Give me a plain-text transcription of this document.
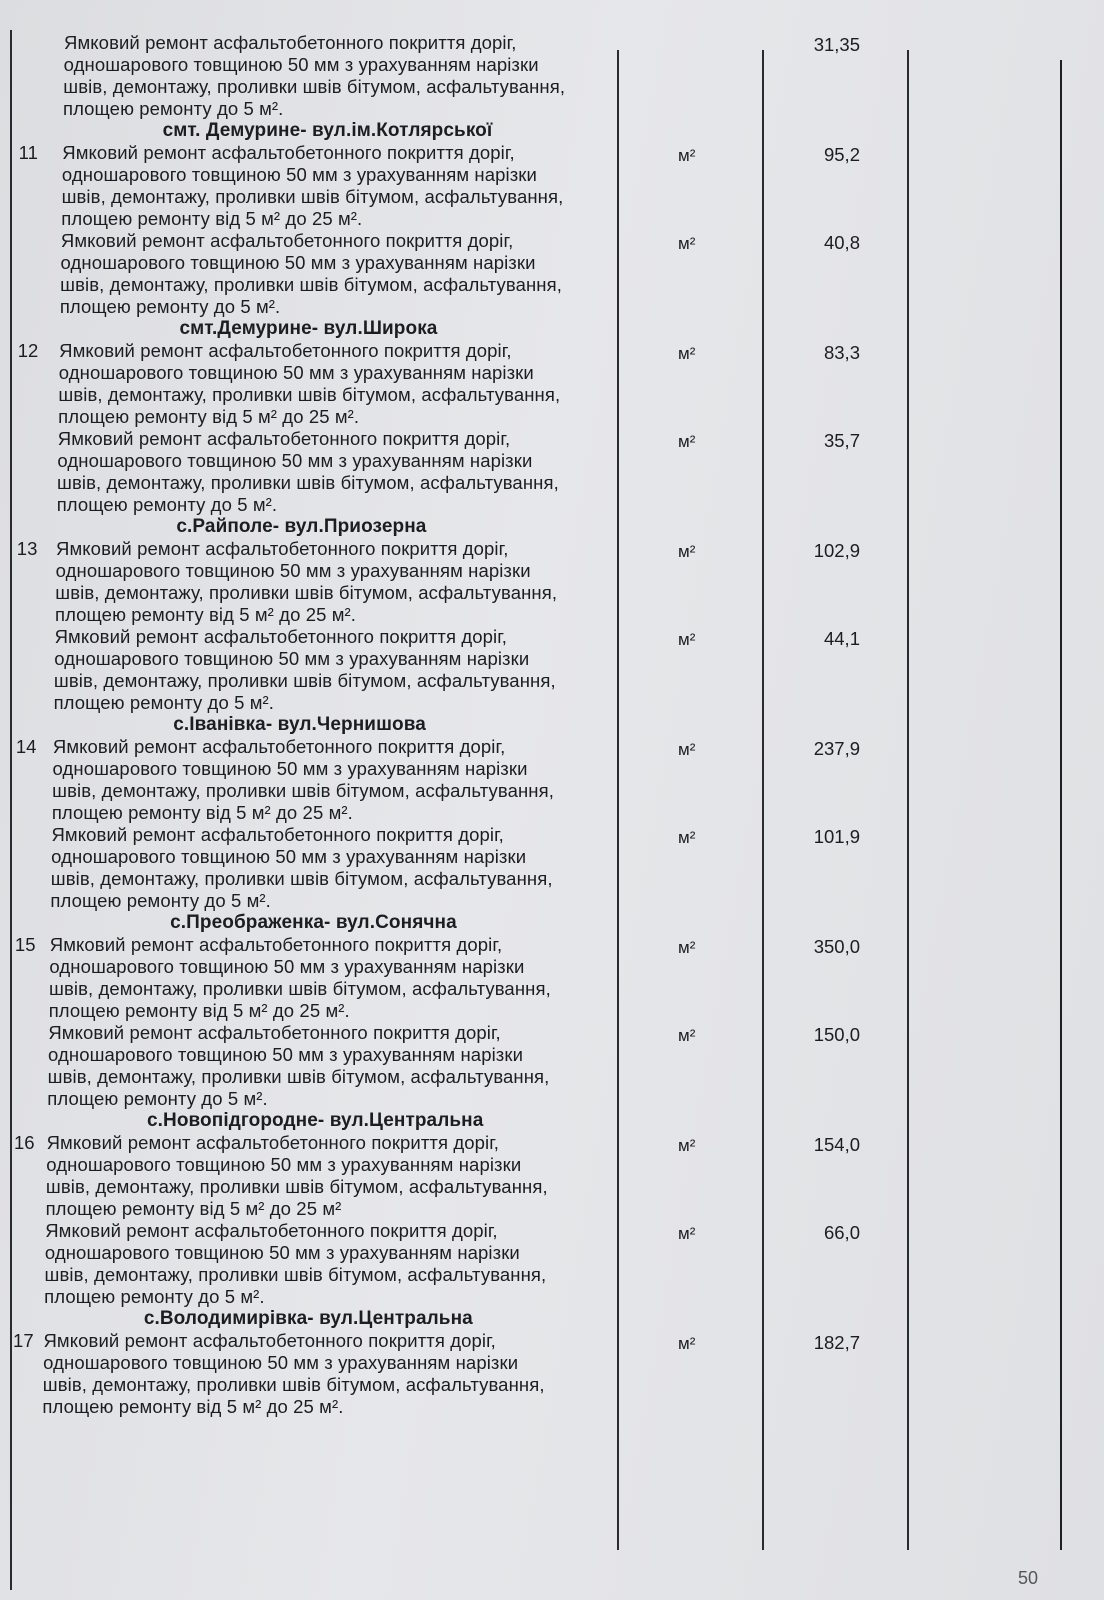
Ямковий ремонт асфальтобетонного покриття доріг,
одношарового товщиною 50 мм з урахуванням нарізки
швів, демонтажу, проливки швів бітумом, асфальтування,
площею ремонту до 5 м².
31,35
смт. Демурине- вул.ім.Котлярської
11 Ямковий ремонт асфальтобетонного покриття доріг,
одношарового товщиною 50 мм з урахуванням нарізки
швів, демонтажу, проливки швів бітумом, асфальтування,
площею ремонту від 5 м² до 25 м².
м²	95,2
Ямковий ремонт асфальтобетонного покриття доріг,
одношарового товщиною 50 мм з урахуванням нарізки
швів, демонтажу, проливки швів бітумом, асфальтування,
площею ремонту до 5 м².
м²	40,8
смт.Демурине- вул.Широка
12 Ямковий ремонт асфальтобетонного покриття доріг,
одношарового товщиною 50 мм з урахуванням нарізки
швів, демонтажу, проливки швів бітумом, асфальтування,
площею ремонту від 5 м² до 25 м².
м²	83,3
Ямковий ремонт асфальтобетонного покриття доріг,
одношарового товщиною 50 мм з урахуванням нарізки
швів, демонтажу, проливки швів бітумом, асфальтування,
площею ремонту до 5 м².
м²	35,7
с.Райполе- вул.Приозерна
13 Ямковий ремонт асфальтобетонного покриття доріг,
одношарового товщиною 50 мм з урахуванням нарізки
швів, демонтажу, проливки швів бітумом, асфальтування,
площею ремонту від 5 м² до 25 м².
м²	102,9
Ямковий ремонт асфальтобетонного покриття доріг,
одношарового товщиною 50 мм з урахуванням нарізки
швів, демонтажу, проливки швів бітумом, асфальтування,
площею ремонту до 5 м².
м²	44,1
с.Іванівка- вул.Чернишова
14 Ямковий ремонт асфальтобетонного покриття доріг,
одношарового товщиною 50 мм з урахуванням нарізки
швів, демонтажу, проливки швів бітумом, асфальтування,
площею ремонту від 5 м² до 25 м².
м²	237,9
Ямковий ремонт асфальтобетонного покриття доріг,
одношарового товщиною 50 мм з урахуванням нарізки
швів, демонтажу, проливки швів бітумом, асфальтування,
площею ремонту до 5 м².
м²	101,9
с.Преображенка- вул.Сонячна
15 Ямковий ремонт асфальтобетонного покриття доріг,
одношарового товщиною 50 мм з урахуванням нарізки
швів, демонтажу, проливки швів бітумом, асфальтування,
площею ремонту від 5 м² до 25 м².
м²	350,0
Ямковий ремонт асфальтобетонного покриття доріг,
одношарового товщиною 50 мм з урахуванням нарізки
швів, демонтажу, проливки швів бітумом, асфальтування,
площею ремонту до 5 м².
м²	150,0
с.Новопідгородне- вул.Центральна
16 Ямковий ремонт асфальтобетонного покриття доріг,
одношарового товщиною 50 мм з урахуванням нарізки
швів, демонтажу, проливки швів бітумом, асфальтування,
площею ремонту від 5 м² до 25 м²
м²	154,0
Ямковий ремонт асфальтобетонного покриття доріг,
одношарового товщиною 50 мм з урахуванням нарізки
швів, демонтажу, проливки швів бітумом, асфальтування,
площею ремонту до 5 м².
м²	66,0
с.Володимирівка- вул.Центральна
17 Ямковий ремонт асфальтобетонного покриття доріг,
одношарового товщиною 50 мм з урахуванням нарізки
швів, демонтажу, проливки швів бітумом, асфальтування,
площею ремонту від 5 м² до 25 м².
м²	182,7
50
